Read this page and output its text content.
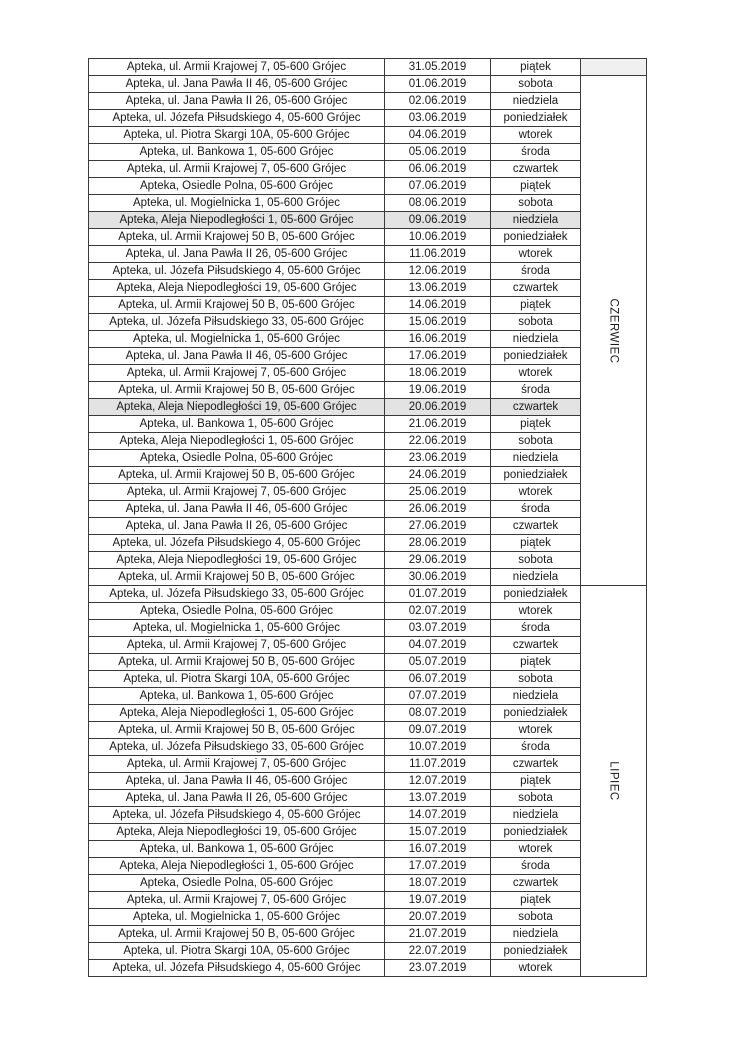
Apteka, ul. Armii Krajowej 7, 05-600 Grójec	31.05.2019	piątek	
Apteka, ul. Jana Pawła II 46, 05-600 Grójec	01.06.2019	sobota	CZERWIEC
Apteka, ul. Jana Pawła II 26, 05-600 Grójec	02.06.2019	niedziela	
Apteka, ul. Józefa Piłsudskiego 4, 05-600 Grójec	03.06.2019	poniedziałek	
Apteka, ul. Piotra Skargi 10A, 05-600 Grójec	04.06.2019	wtorek	
Apteka, ul. Bankowa 1, 05-600 Grójec	05.06.2019	środa	
Apteka, ul. Armii Krajowej 7, 05-600 Grójec	06.06.2019	czwartek	
Apteka, Osiedle Polna, 05-600 Grójec	07.06.2019	piątek	
Apteka, ul. Mogielnicka 1, 05-600 Grójec	08.06.2019	sobota	
Apteka, Aleja Niepodległości 1, 05-600 Grójec	09.06.2019	niedziela	
Apteka, ul. Armii Krajowej 50 B, 05-600 Grójec	10.06.2019	poniedziałek	
Apteka, ul. Jana Pawła II 26, 05-600 Grójec	11.06.2019	wtorek	
Apteka, ul. Józefa Piłsudskiego 4, 05-600 Grójec	12.06.2019	środa	
Apteka, Aleja Niepodległości 19, 05-600 Grójec	13.06.2019	czwartek	
Apteka, ul. Armii Krajowej 50 B, 05-600 Grójec	14.06.2019	piątek	
Apteka, ul. Józefa Piłsudskiego 33, 05-600 Grójec	15.06.2019	sobota	
Apteka, ul. Mogielnicka 1, 05-600 Grójec	16.06.2019	niedziela	
Apteka, ul. Jana Pawła II 46, 05-600 Grójec	17.06.2019	poniedziałek	
Apteka, ul. Armii Krajowej 7, 05-600 Grójec	18.06.2019	wtorek	
Apteka, ul. Armii Krajowej 50 B, 05-600 Grójec	19.06.2019	środa	
Apteka, Aleja Niepodległości 19, 05-600 Grójec	20.06.2019	czwartek	
Apteka, ul. Bankowa 1, 05-600 Grójec	21.06.2019	piątek	
Apteka, Aleja Niepodległości 1, 05-600 Grójec	22.06.2019	sobota	
Apteka, Osiedle Polna, 05-600 Grójec	23.06.2019	niedziela	
Apteka, ul. Armii Krajowej 50 B, 05-600 Grójec	24.06.2019	poniedziałek	
Apteka, ul. Armii Krajowej 7, 05-600 Grójec	25.06.2019	wtorek	
Apteka, ul. Jana Pawła II 46, 05-600 Grójec	26.06.2019	środa	
Apteka, ul. Jana Pawła II 26, 05-600 Grójec	27.06.2019	czwartek	
Apteka, ul. Józefa Piłsudskiego 4, 05-600 Grójec	28.06.2019	piątek	
Apteka, Aleja Niepodległości 19, 05-600 Grójec	29.06.2019	sobota	
Apteka, ul. Armii Krajowej 50 B, 05-600 Grójec	30.06.2019	niedziela	
Apteka, ul. Józefa Piłsudskiego 33, 05-600 Grójec	01.07.2019	poniedziałek	LIPIEC
Apteka, Osiedle Polna, 05-600 Grójec	02.07.2019	wtorek	
Apteka, ul. Mogielnicka 1, 05-600 Grójec	03.07.2019	środa	
Apteka, ul. Armii Krajowej 7, 05-600 Grójec	04.07.2019	czwartek	
Apteka, ul. Armii Krajowej 50 B, 05-600 Grójec	05.07.2019	piątek	
Apteka, ul. Piotra Skargi 10A, 05-600 Grójec	06.07.2019	sobota	
Apteka, ul. Bankowa 1, 05-600 Grójec	07.07.2019	niedziela	
Apteka, Aleja Niepodległości 1, 05-600 Grójec	08.07.2019	poniedziałek	
Apteka, ul. Armii Krajowej 50 B, 05-600 Grójec	09.07.2019	wtorek	
Apteka, ul. Józefa Piłsudskiego 33, 05-600 Grójec	10.07.2019	środa	
Apteka, ul. Armii Krajowej 7, 05-600 Grójec	11.07.2019	czwartek	
Apteka, ul. Jana Pawła II 46, 05-600 Grójec	12.07.2019	piątek	
Apteka, ul. Jana Pawła II 26, 05-600 Grójec	13.07.2019	sobota	
Apteka, ul. Józefa Piłsudskiego 4, 05-600 Grójec	14.07.2019	niedziela	
Apteka, Aleja Niepodległości 19, 05-600 Grójec	15.07.2019	poniedziałek	
Apteka, ul. Bankowa 1, 05-600 Grójec	16.07.2019	wtorek	
Apteka, Aleja Niepodległości 1, 05-600 Grójec	17.07.2019	środa	
Apteka, Osiedle Polna, 05-600 Grójec	18.07.2019	czwartek	
Apteka, ul. Armii Krajowej 7, 05-600 Grójec	19.07.2019	piątek	
Apteka, ul. Mogielnicka 1, 05-600 Grójec	20.07.2019	sobota	
Apteka, ul. Armii Krajowej 50 B, 05-600 Grójec	21.07.2019	niedziela	
Apteka, ul. Piotra Skargi 10A, 05-600 Grójec	22.07.2019	poniedziałek	
Apteka, ul. Józefa Piłsudskiego 4, 05-600 Grójec	23.07.2019	wtorek	
